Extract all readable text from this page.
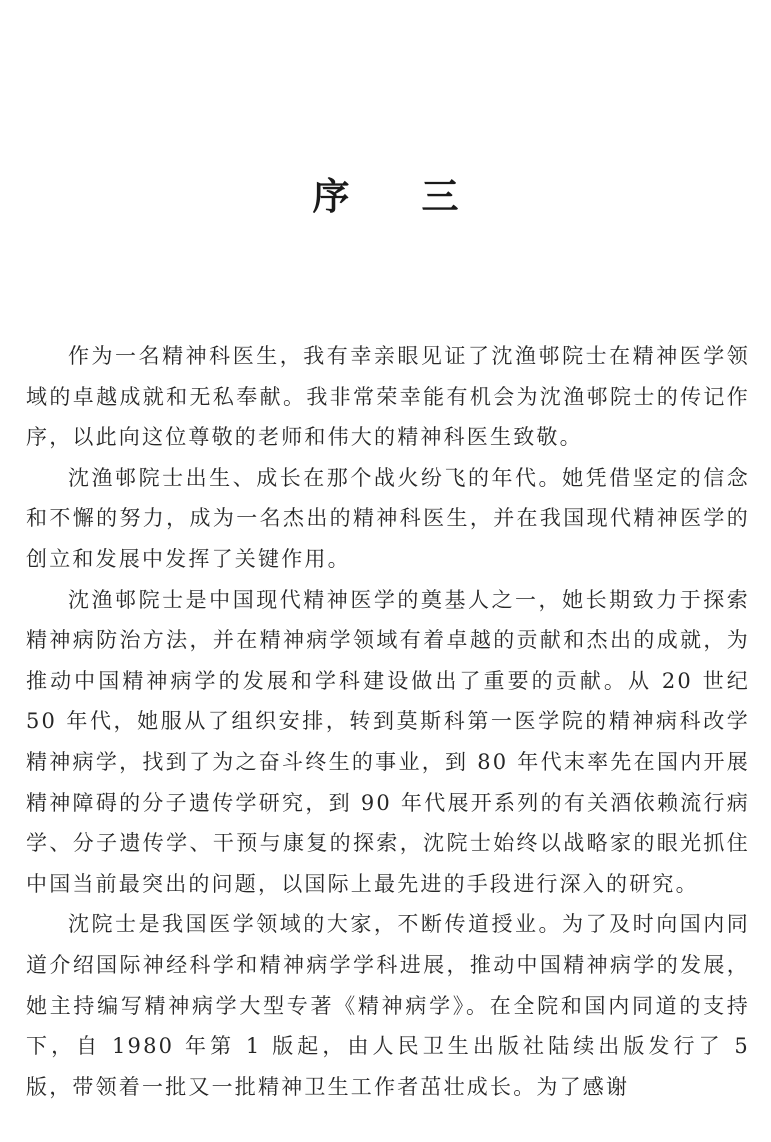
序三

作为一名精神科医生，我有幸亲眼见证了沈渔邨院士在精神医学领域的卓越成就和无私奉献。我非常荣幸能有机会为沈渔邨院士的传记作序，以此向这位尊敬的老师和伟大的精神科医生致敬。

沈渔邨院士出生、成长在那个战火纷飞的年代。她凭借坚定的信念和不懈的努力，成为一名杰出的精神科医生，并在我国现代精神医学的创立和发展中发挥了关键作用。

沈渔邨院士是中国现代精神医学的奠基人之一，她长期致力于探索精神病防治方法，并在精神病学领域有着卓越的贡献和杰出的成就，为推动中国精神病学的发展和学科建设做出了重要的贡献。从 20 世纪 50 年代，她服从了组织安排，转到莫斯科第一医学院的精神病科改学精神病学，找到了为之奋斗终生的事业，到 80 年代末率先在国内开展精神障碍的分子遗传学研究，到 90 年代展开系列的有关酒依赖流行病学、分子遗传学、干预与康复的探索，沈院士始终以战略家的眼光抓住中国当前最突出的问题，以国际上最先进的手段进行深入的研究。

沈院士是我国医学领域的大家，不断传道授业。为了及时向国内同道介绍国际神经科学和精神病学学科进展，推动中国精神病学的发展，她主持编写精神病学大型专著《精神病学》。在全院和国内同道的支持下，自 1980 年第 1 版起，由人民卫生出版社陆续出版发行了 5 版，带领着一批又一批精神卫生工作者茁壮成长。为了感谢
